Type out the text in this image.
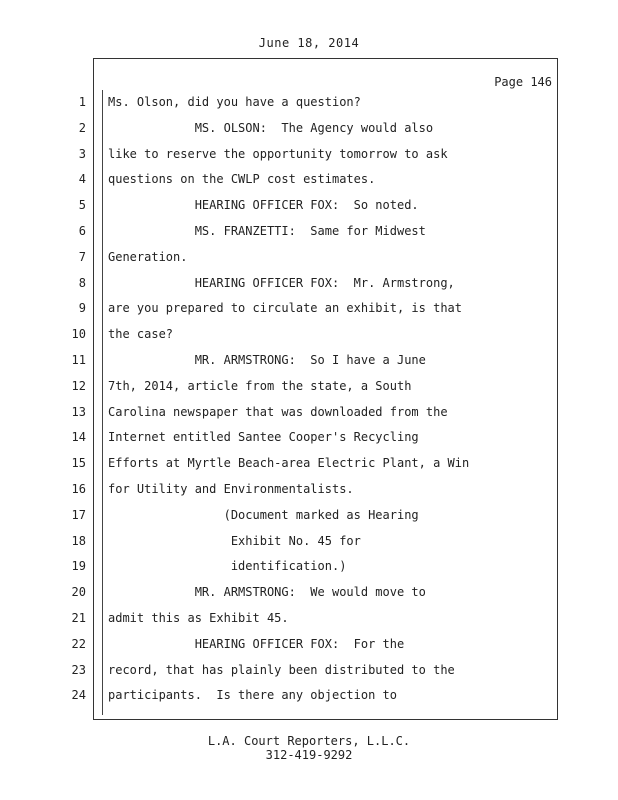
June 18, 2014
Page 146
1 Ms. Olson, did you have a question?
2 MS. OLSON:  The Agency would also
3 like to reserve the opportunity tomorrow to ask
4 questions on the CWLP cost estimates.
5 HEARING OFFICER FOX:  So noted.
6 MS. FRANZETTI:  Same for Midwest
7 Generation.
8 HEARING OFFICER FOX:  Mr. Armstrong,
9 are you prepared to circulate an exhibit, is that
10 the case?
11 MR. ARMSTRONG:  So I have a June
12 7th, 2014, article from the state, a South
13 Carolina newspaper that was downloaded from the
14 Internet entitled Santee Cooper's Recycling
15 Efforts at Myrtle Beach-area Electric Plant, a Win
16 for Utility and Environmentalists.
17 (Document marked as Hearing
18 Exhibit No. 45 for
19 identification.)
20 MR. ARMSTRONG:  We would move to
21 admit this as Exhibit 45.
22 HEARING OFFICER FOX:  For the
23 record, that has plainly been distributed to the
24 participants.  Is there any objection to
L.A. Court Reporters, L.L.C.
312-419-9292
